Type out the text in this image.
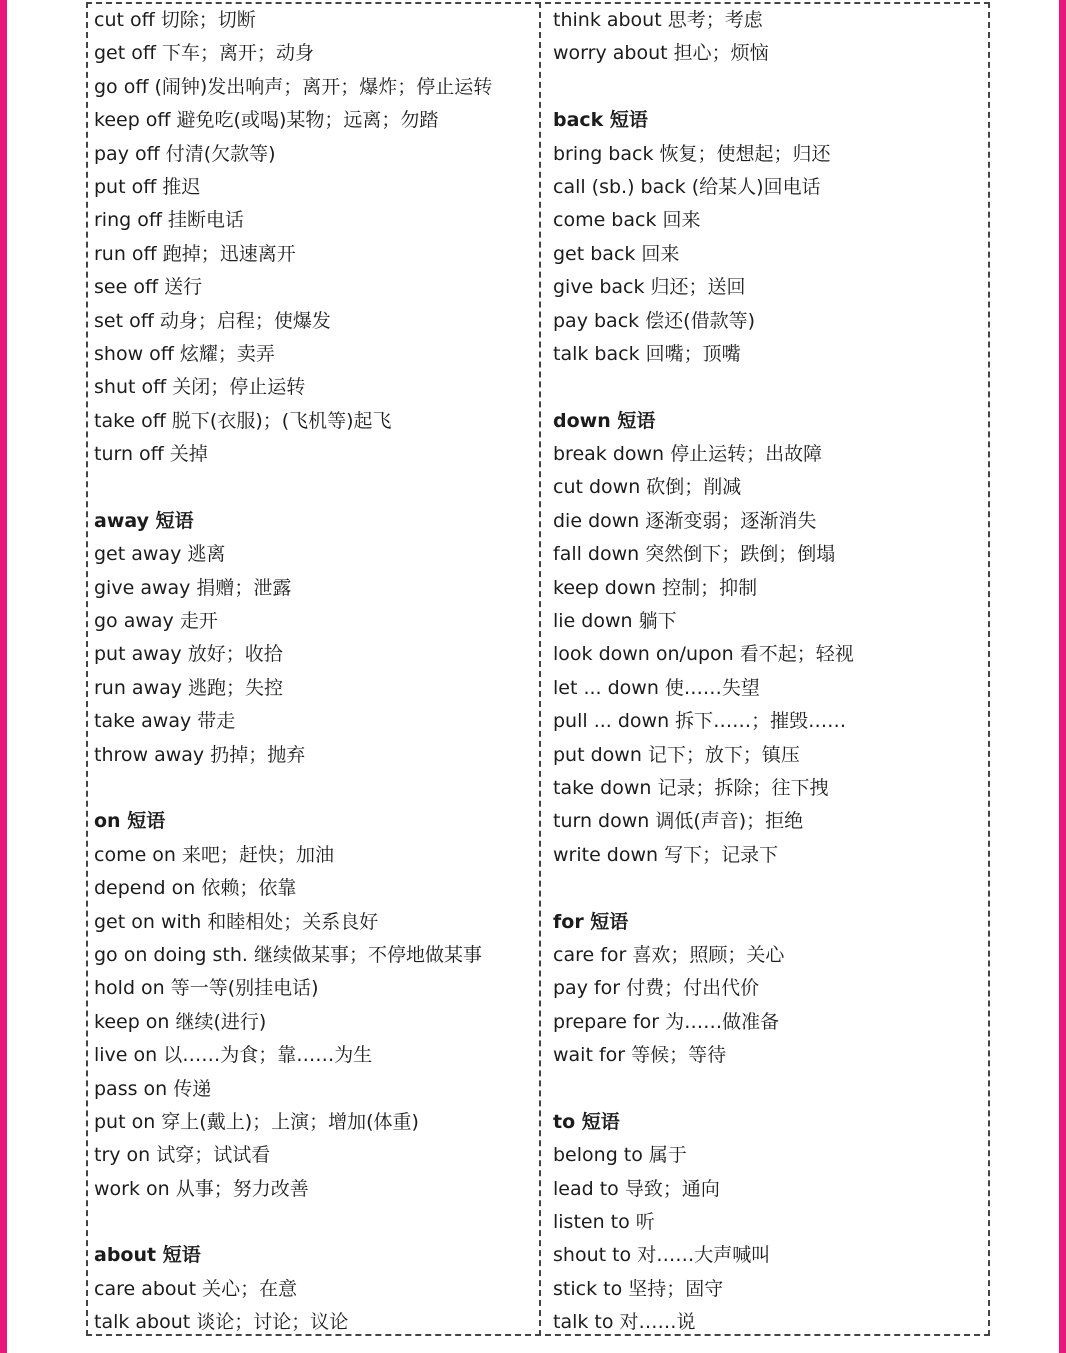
cut off 切除；切断
get off 下车；离开；动身
go off (闹钟)发出响声；离开；爆炸；停止运转
keep off 避免吃(或喝)某物；远离；勿踏
pay off 付清(欠款等)
put off 推迟
ring off 挂断电话
run off 跑掉；迅速离开
see off 送行
set off 动身；启程；使爆发
show off 炫耀；卖弄
shut off 关闭；停止运转
take off 脱下(衣服)；(飞机等)起飞
turn off 关掉
away 短语
get away 逃离
give away 捐赠；泄露
go away 走开
put away 放好；收拾
run away 逃跑；失控
take away 带走
throw away 扔掉；抛弃
on 短语
come on 来吧；赶快；加油
depend on 依赖；依靠
get on with 和睦相处；关系良好
go on doing sth. 继续做某事；不停地做某事
hold on 等一等(别挂电话)
keep on 继续(进行)
live on 以……为食；靠……为生
pass on 传递
put on 穿上(戴上)；上演；增加(体重)
try on 试穿；试试看
work on 从事；努力改善
about 短语
care about 关心；在意
talk about 谈论；讨论；议论
think about 思考；考虑
worry about 担心；烦恼
back 短语
bring back 恢复；使想起；归还
call (sb.) back (给某人)回电话
come back 回来
get back 回来
give back 归还；送回
pay back 偿还(借款等)
talk back 回嘴；顶嘴
down 短语
break down 停止运转；出故障
cut down 砍倒；削减
die down 逐渐变弱；逐渐消失
fall down 突然倒下；跌倒；倒塌
keep down 控制；抑制
lie down 躺下
look down on/upon 看不起；轻视
let ... down 使……失望
pull ... down 拆下……；摧毁……
put down 记下；放下；镇压
take down 记录；拆除；往下拽
turn down 调低(声音)；拒绝
write down 写下；记录下
for 短语
care for 喜欢；照顾；关心
pay for 付费；付出代价
prepare for 为……做准备
wait for 等候；等待
to 短语
belong to 属于
lead to 导致；通向
listen to 听
shout to 对……大声喊叫
stick to 坚持；固守
talk to 对……说
